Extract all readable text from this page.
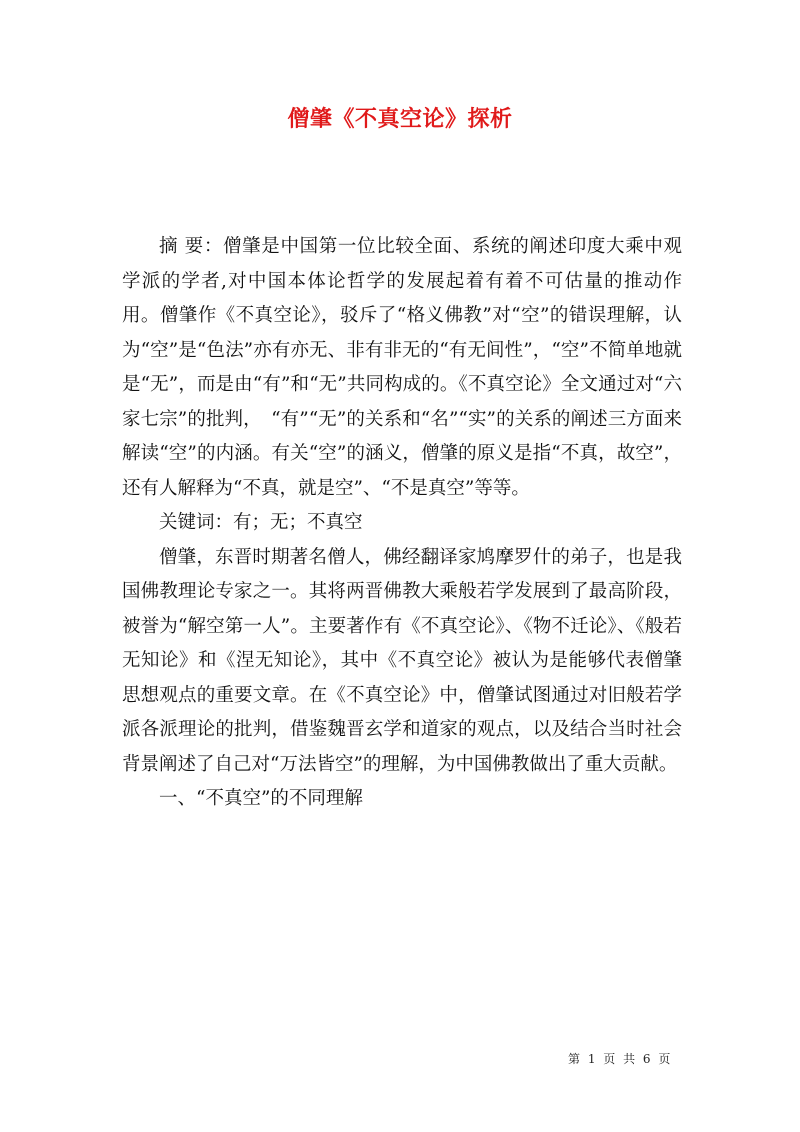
僧肇《不真空论》探析

摘 要：僧肇是中国第一位比较全面、系统的阐述印度大乘中观学派的学者,对中国本体论哲学的发展起着有着不可估量的推动作用。僧肇作《不真空论》，驳斥了“格义佛教”对“空”的错误理解，认为“空”是“色法”亦有亦无、非有非无的“有无间性”，“空”不简单地就是“无”，而是由“有”和“无”共同构成的。《不真空论》全文通过对“六家七宗”的批判，　“有”“无”的关系和“名”“实”的关系的阐述三方面来解读“空”的内涵。有关“空”的涵义，僧肇的原义是指“不真，故空”，还有人解释为“不真，就是空”、“不是真空”等等。

关键词：有；无；不真空

僧肇，东晋时期著名僧人，佛经翻译家鸠摩罗什的弟子，也是我国佛教理论专家之一。其将两晋佛教大乘般若学发展到了最高阶段，被誉为“解空第一人”。主要著作有《不真空论》、《物不迁论》、《般若无知论》和《涅无知论》，其中《不真空论》被认为是能够代表僧肇思想观点的重要文章。在《不真空论》中，僧肇试图通过对旧般若学派各派理论的批判，借鉴魏晋玄学和道家的观点，以及结合当时社会背景阐述了自己对“万法皆空”的理解，为中国佛教做出了重大贡献。

一、“不真空”的不同理解

第 1 页 共 6 页
